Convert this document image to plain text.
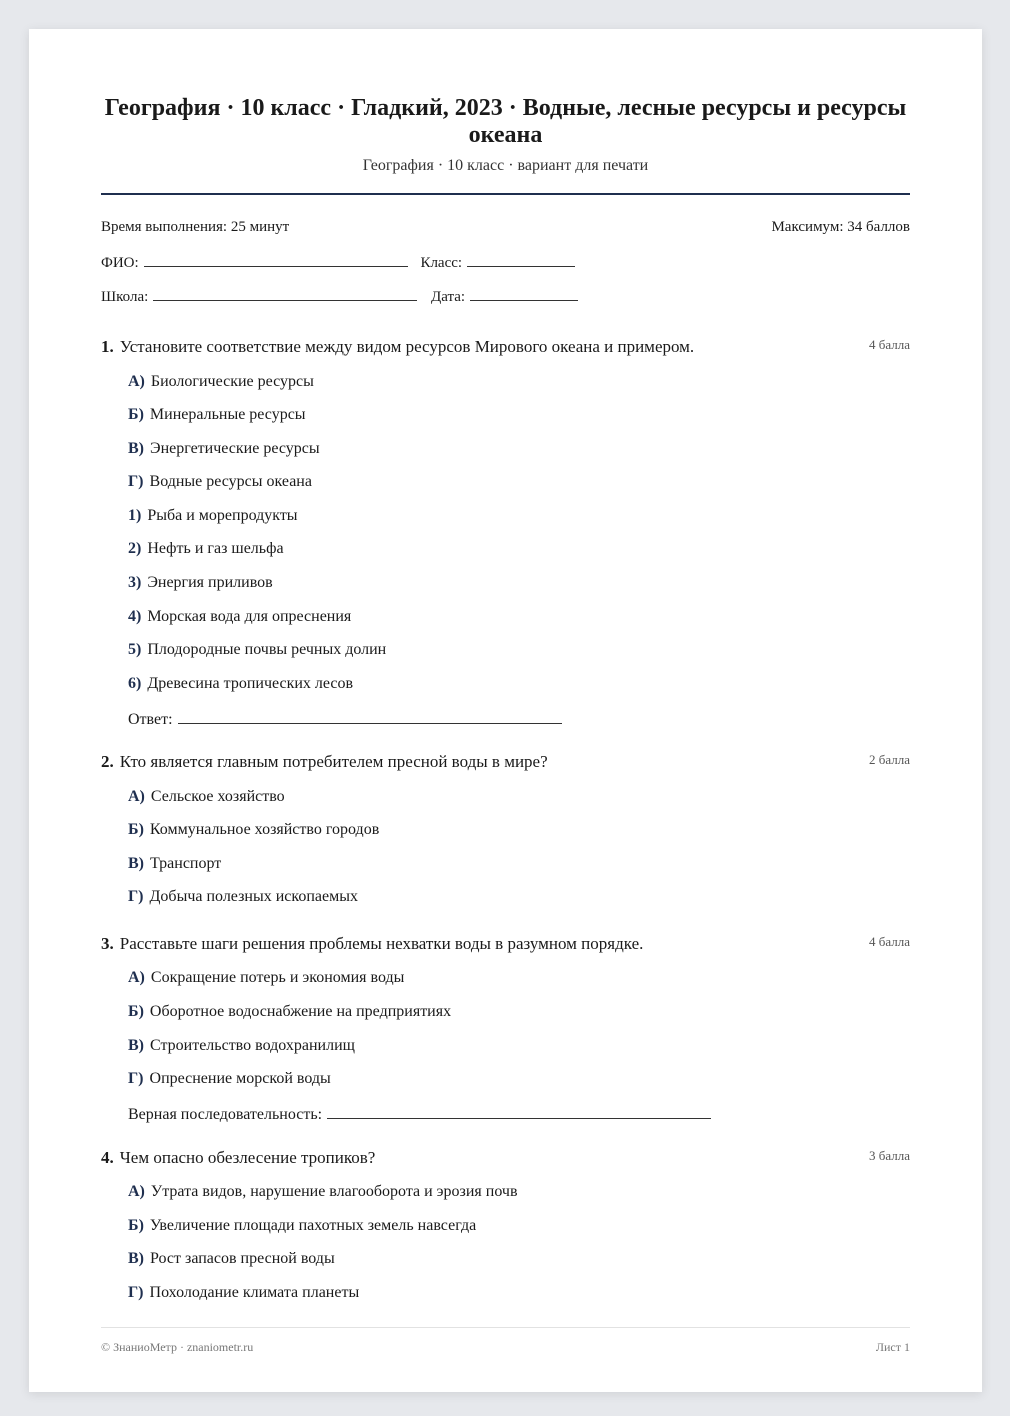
География · 10 класс · Гладкий, 2023 · Водные, лесные ресурсы и ресурсы океана
География · 10 класс · вариант для печати
Время выполнения: 25 минут	Максимум: 34 баллов
ФИО:	Класс:
Школа:	Дата:
1. Установите соответствие между видом ресурсов Мирового океана и примером.	4 балла
А) Биологические ресурсы
Б) Минеральные ресурсы
В) Энергетические ресурсы
Г) Водные ресурсы океана
1) Рыба и морепродукты
2) Нефть и газ шельфа
3) Энергия приливов
4) Морская вода для опреснения
5) Плодородные почвы речных долин
6) Древесина тропических лесов
Ответ:
2. Кто является главным потребителем пресной воды в мире?	2 балла
А) Сельское хозяйство
Б) Коммунальное хозяйство городов
В) Транспорт
Г) Добыча полезных ископаемых
3. Расставьте шаги решения проблемы нехватки воды в разумном порядке.	4 балла
А) Сокращение потерь и экономия воды
Б) Оборотное водоснабжение на предприятиях
В) Строительство водохранилищ
Г) Опреснение морской воды
Верная последовательность:
4. Чем опасно обезлесение тропиков?	3 балла
А) Утрата видов, нарушение влагооборота и эрозия почв
Б) Увеличение площади пахотных земель навсегда
В) Рост запасов пресной воды
Г) Похолодание климата планеты
© ЗнаниоМетр · znaniometr.ru	Лист 1
